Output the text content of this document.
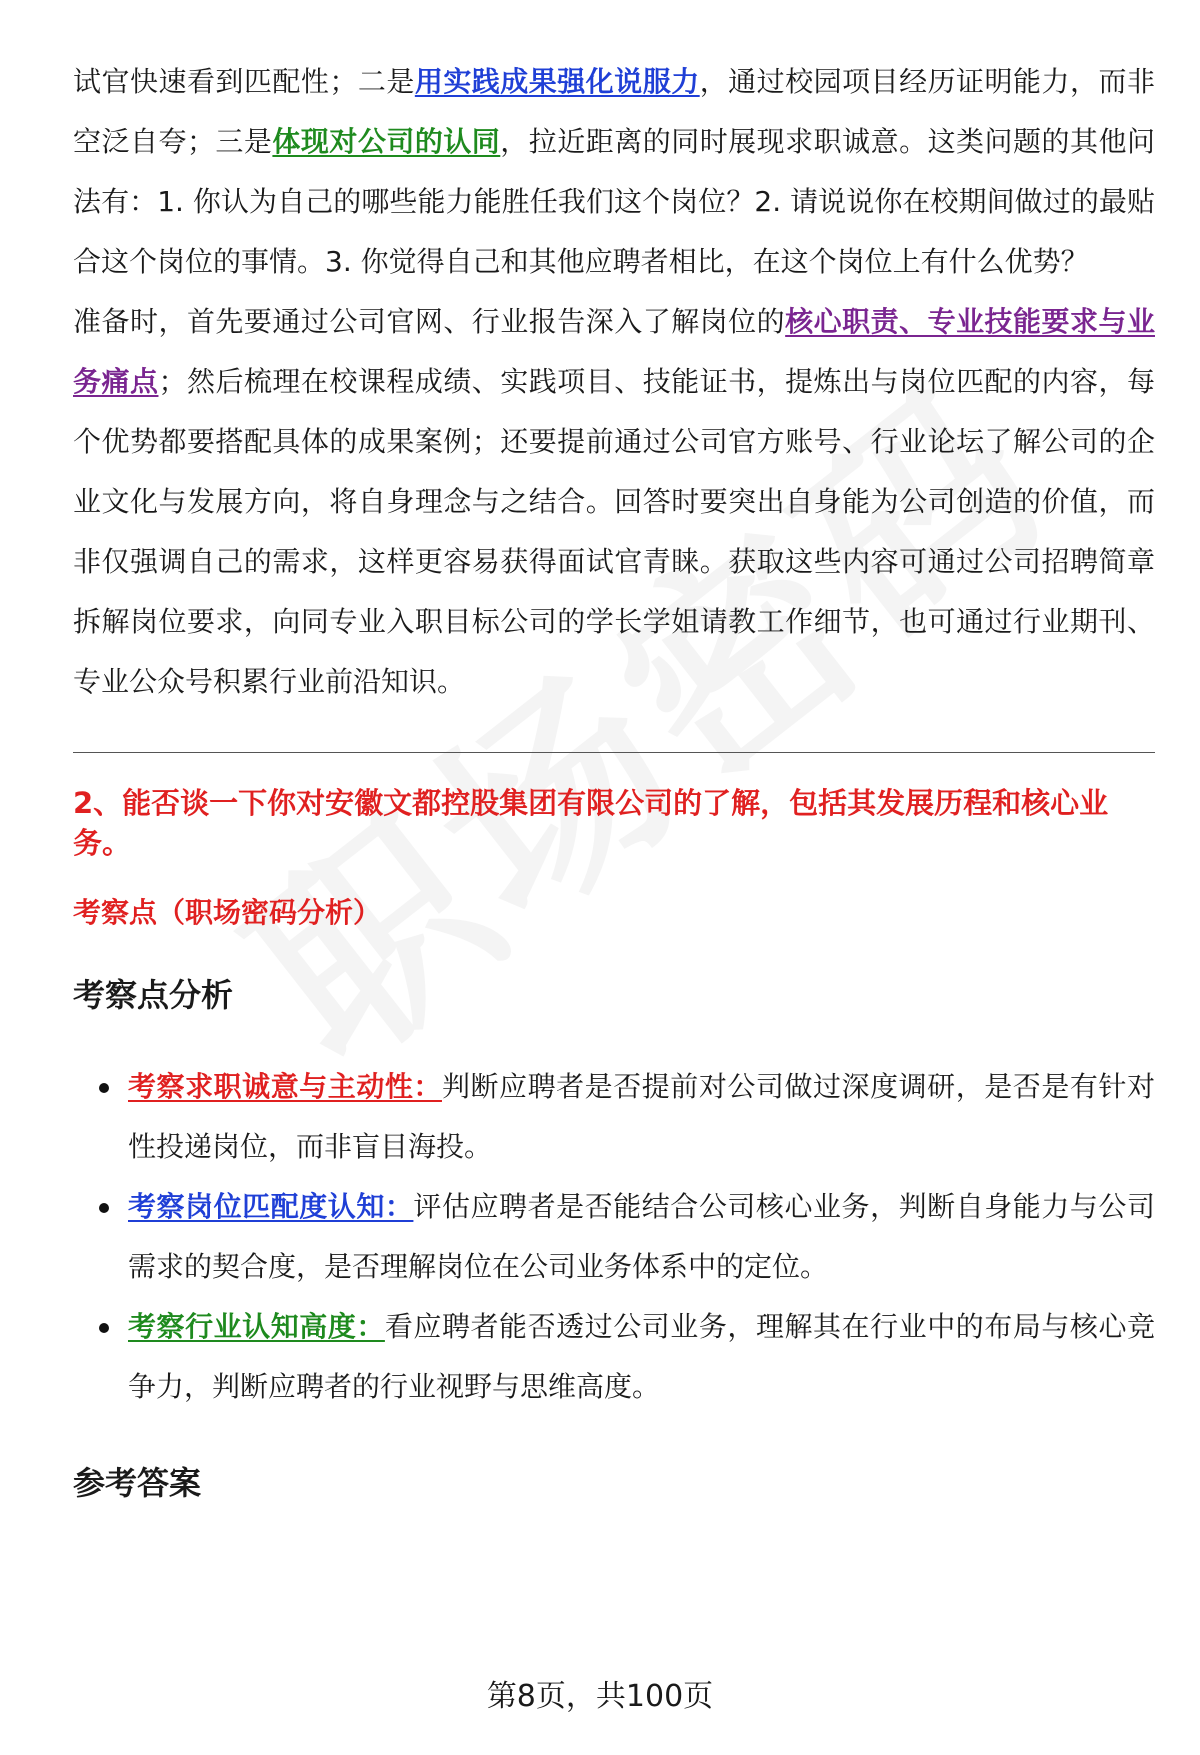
试官快速看到匹配性；二是用实践成果强化说服力，通过校园项目经历证明能力，而非空泛自夸；三是体现对公司的认同，拉近距离的同时展现求职诚意。这类问题的其他问法有：1. 你认为自己的哪些能力能胜任我们这个岗位？2. 请说说你在校期间做过的最贴合这个岗位的事情。3. 你觉得自己和其他应聘者相比，在这个岗位上有什么优势？

准备时，首先要通过公司官网、行业报告深入了解岗位的核心职责、专业技能要求与业务痛点；然后梳理在校课程成绩、实践项目、技能证书，提炼出与岗位匹配的内容，每个优势都要搭配具体的成果案例；还要提前通过公司官方账号、行业论坛了解公司的企业文化与发展方向，将自身理念与之结合。回答时要突出自身能为公司创造的价值，而非仅强调自己的需求，这样更容易获得面试官青睐。获取这些内容可通过公司招聘简章拆解岗位要求，向同专业入职目标公司的学长学姐请教工作细节，也可通过行业期刊、专业公众号积累行业前沿知识。

2、能否谈一下你对安徽文都控股集团有限公司的了解，包括其发展历程和核心业务。
考察点（职场密码分析）
考察点分析
考察求职诚意与主动性：判断应聘者是否提前对公司做过深度调研，是否是有针对性投递岗位，而非盲目海投。
考察岗位匹配度认知：评估应聘者是否能结合公司核心业务，判断自身能力与公司需求的契合度，是否理解岗位在公司业务体系中的定位。
考察行业认知高度：看应聘者能否透过公司业务，理解其在行业中的布局与核心竞争力，判断应聘者的行业视野与思维高度。
参考答案
第8页，共100页
